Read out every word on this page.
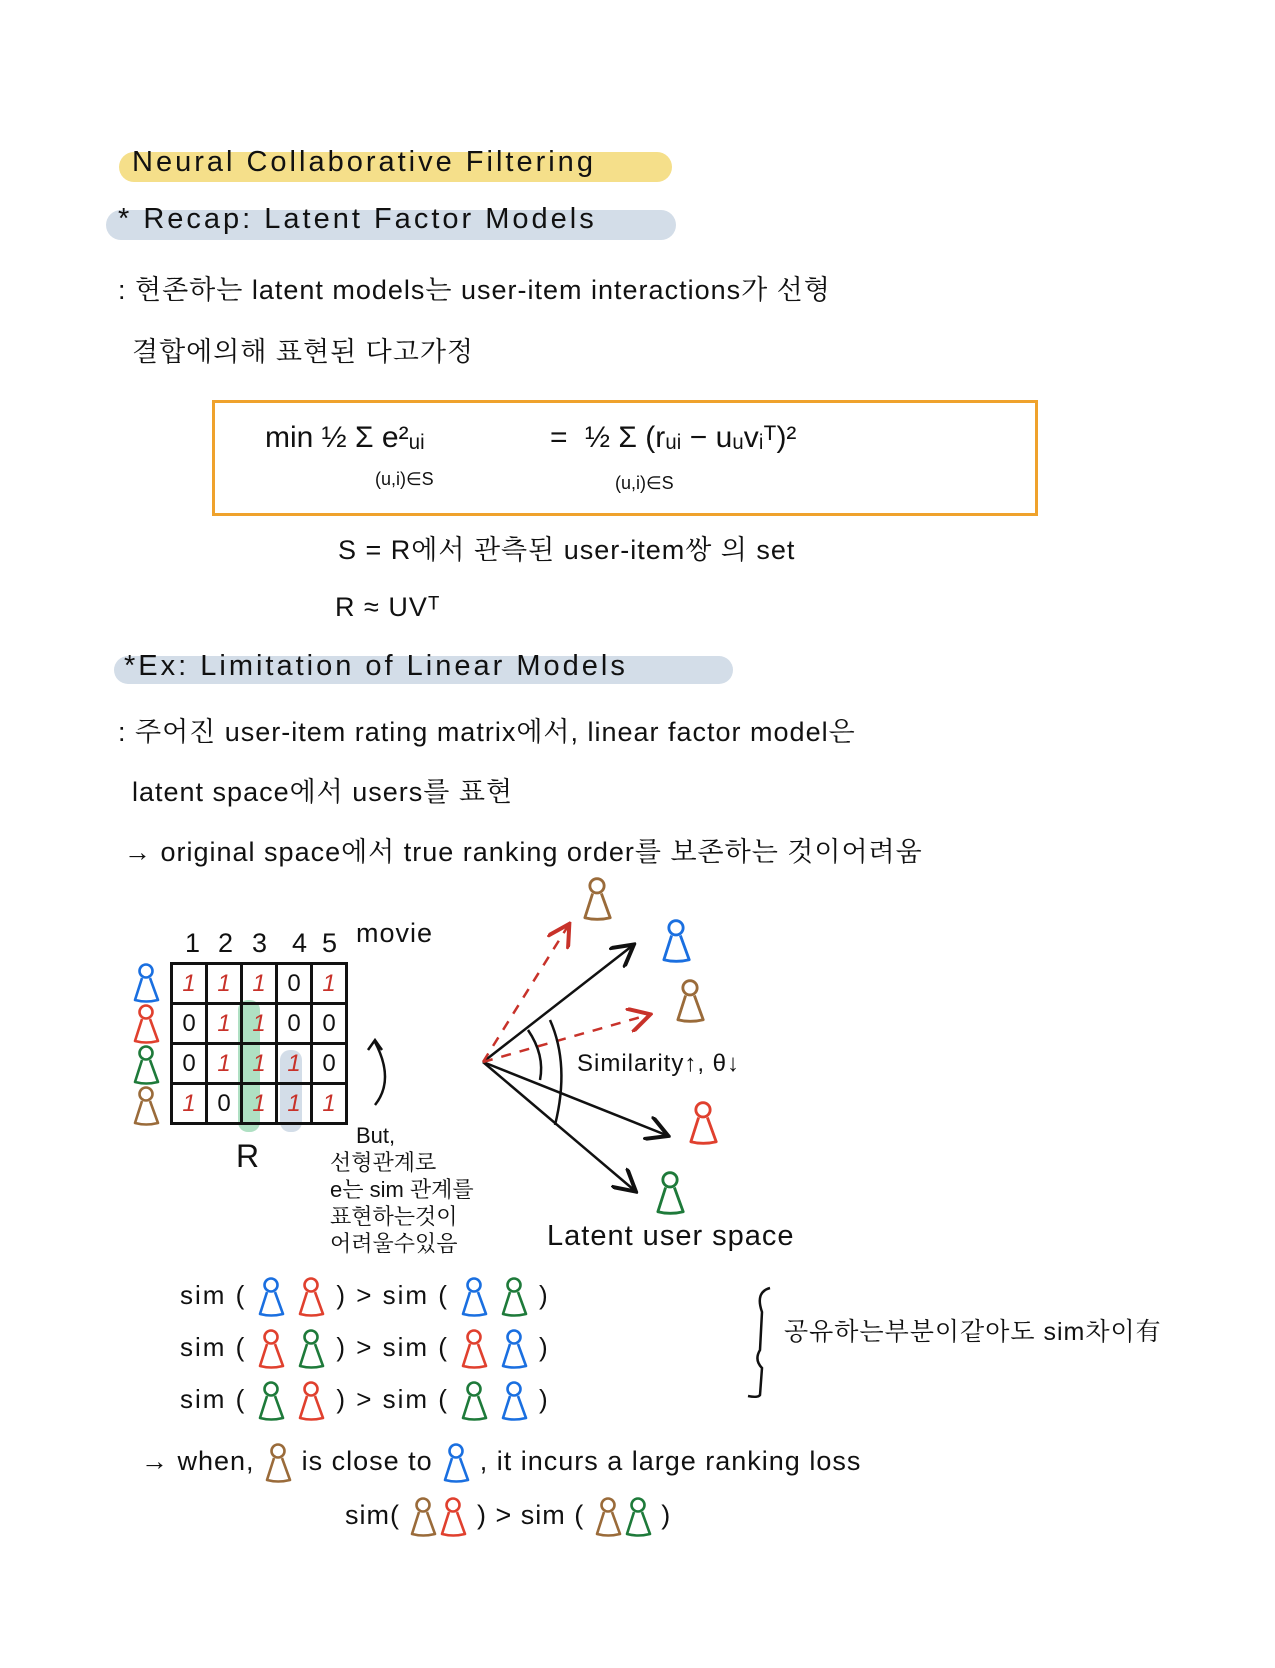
Neural Collaborative Filtering
* Recap: Latent Factor Models
: 현존하는 latent models는 user-item interactions가 선형
결합에의해 표현된 다고가정
min ½ Σ e²ᵤᵢ
(u,i)∈S
= ½ Σ (rᵤᵢ − uᵤvᵢᵀ)²
(u,i)∈S
S = R에서 관측된 user-item쌍 의 set
R ≈ UVᵀ
*Ex: Limitation of Linear Models
: 주어진 user-item rating matrix에서, linear factor model은
latent space에서 users를 표현
→ original space에서 true ranking order를 보존하는 것이어려움
1 2 3 4 5 movie
1	1	1	0	1
0	1	1	0	0
0	1	1	1	0
1	0	1	1	1
R
But,
선형관계로
e는 sim 관계를
표현하는것이
어려울수있음
Similarity↑, θ↓
Latent user space
sim (	) > sim (	)
sim (	) > sim (	)
sim (	) > sim (	)
공유하는부분이같아도 sim차이有
→ when, is close to , it incurs a large ranking loss
sim(  ) > sim (  )
